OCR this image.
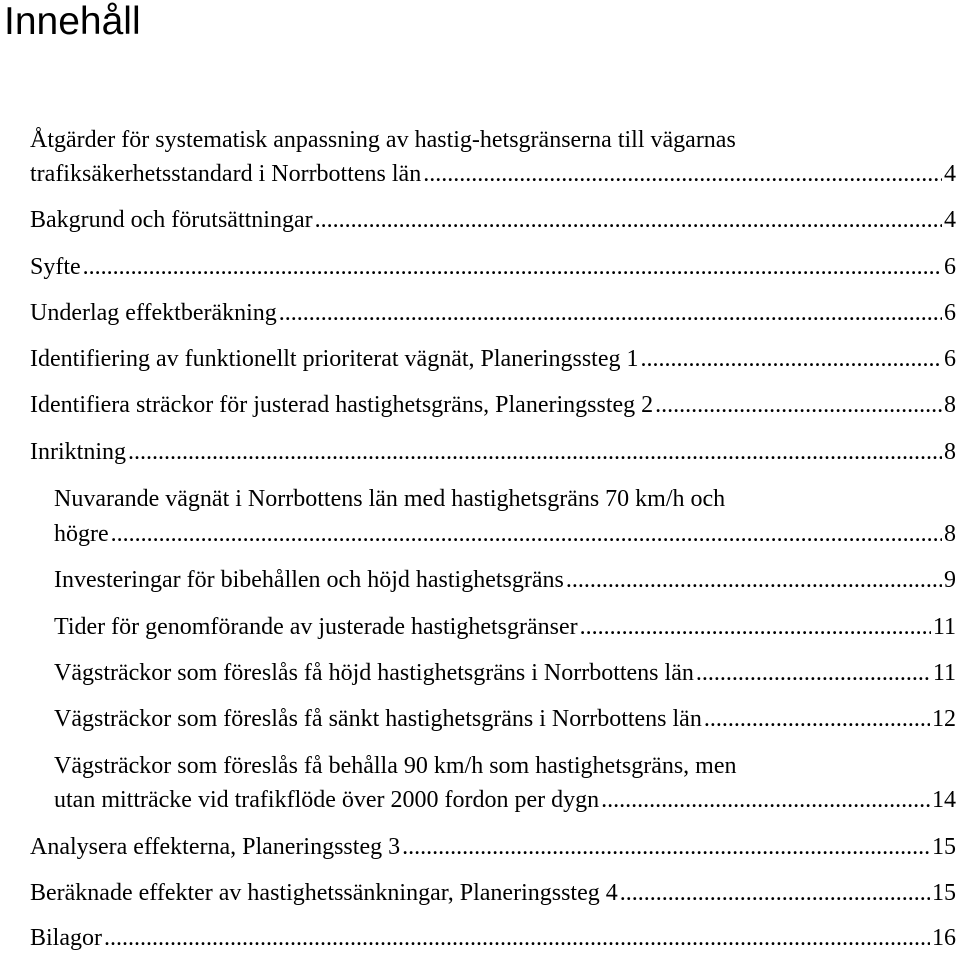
Innehåll
Åtgärder för systematisk anpassning av hastig-hetsgränserna till vägarnas
trafiksäkerhetsstandard i Norrbottens län .....	4
Bakgrund och förutsättningar .....	4
Syfte .....	6
Underlag effektberäkning .....	6
Identifiering av funktionellt prioriterat vägnät, Planeringssteg 1 .....	6
Identifiera sträckor för justerad hastighetsgräns, Planeringssteg 2 .....	8
Inriktning .....	8
Nuvarande vägnät i Norrbottens län med hastighetsgräns 70 km/h och
högre .....	8
Investeringar för bibehållen och höjd hastighetsgräns .....	9
Tider för genomförande av justerade hastighetsgränser .....	11
Vägsträckor som föreslås få höjd hastighetsgräns i Norrbottens län .....	11
Vägsträckor som föreslås få sänkt hastighetsgräns i Norrbottens län .....	12
Vägsträckor som föreslås få behålla 90 km/h som hastighetsgräns, men
utan mitträcke vid trafikflöde över 2000 fordon per dygn .....	14
Analysera effekterna, Planeringssteg 3 .....	15
Beräknade effekter av hastighetssänkningar, Planeringssteg 4 .....	15
Bilagor .....	16
